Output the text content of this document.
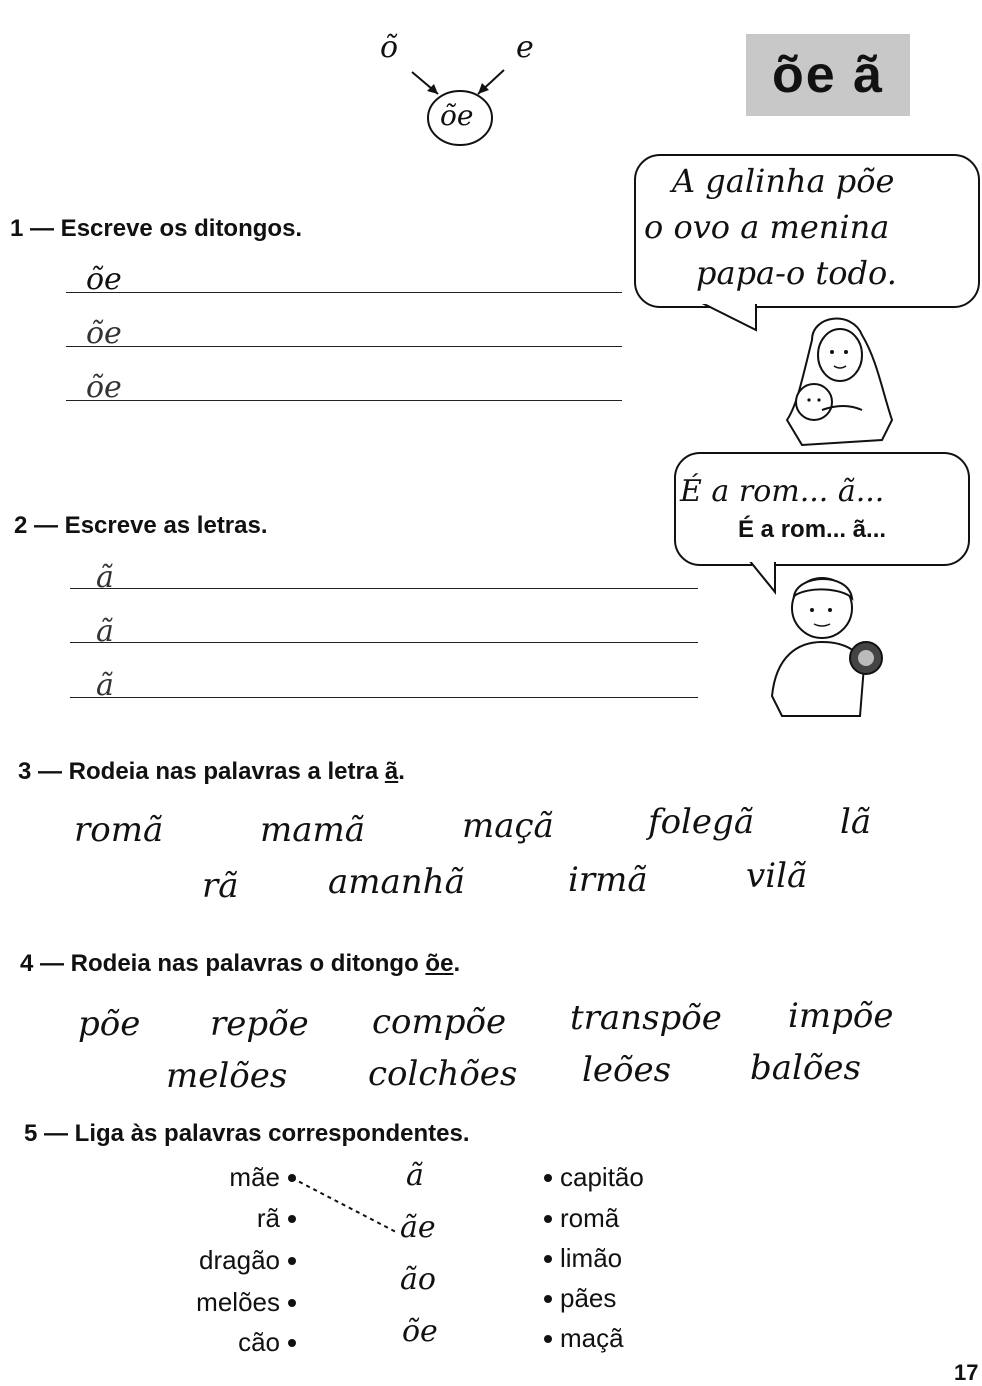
õ	e
õe
õe ã
1 — Escreve os ditongos.
õe
õe
õe
A galinha põe
o ovo a menina
papa-o todo.
2 — Escreve as letras.
ã
ã
ã
É a rom... ã...
É a rom... ã...
3 — Rodeia nas palavras a letra ã.
romã	mamã	maçã	folegã	lã
rã	amanhã	irmã	vilã
4 — Rodeia nas palavras o ditongo õe.
põe repõe compõe transpõe impõe
melões colchões leões balões
5 — Liga às palavras correspondentes.
mãe
rã
dragão
melões
cão
ã
ãe
ão
õe
capitão
romã
limão
pães
maçã
17
